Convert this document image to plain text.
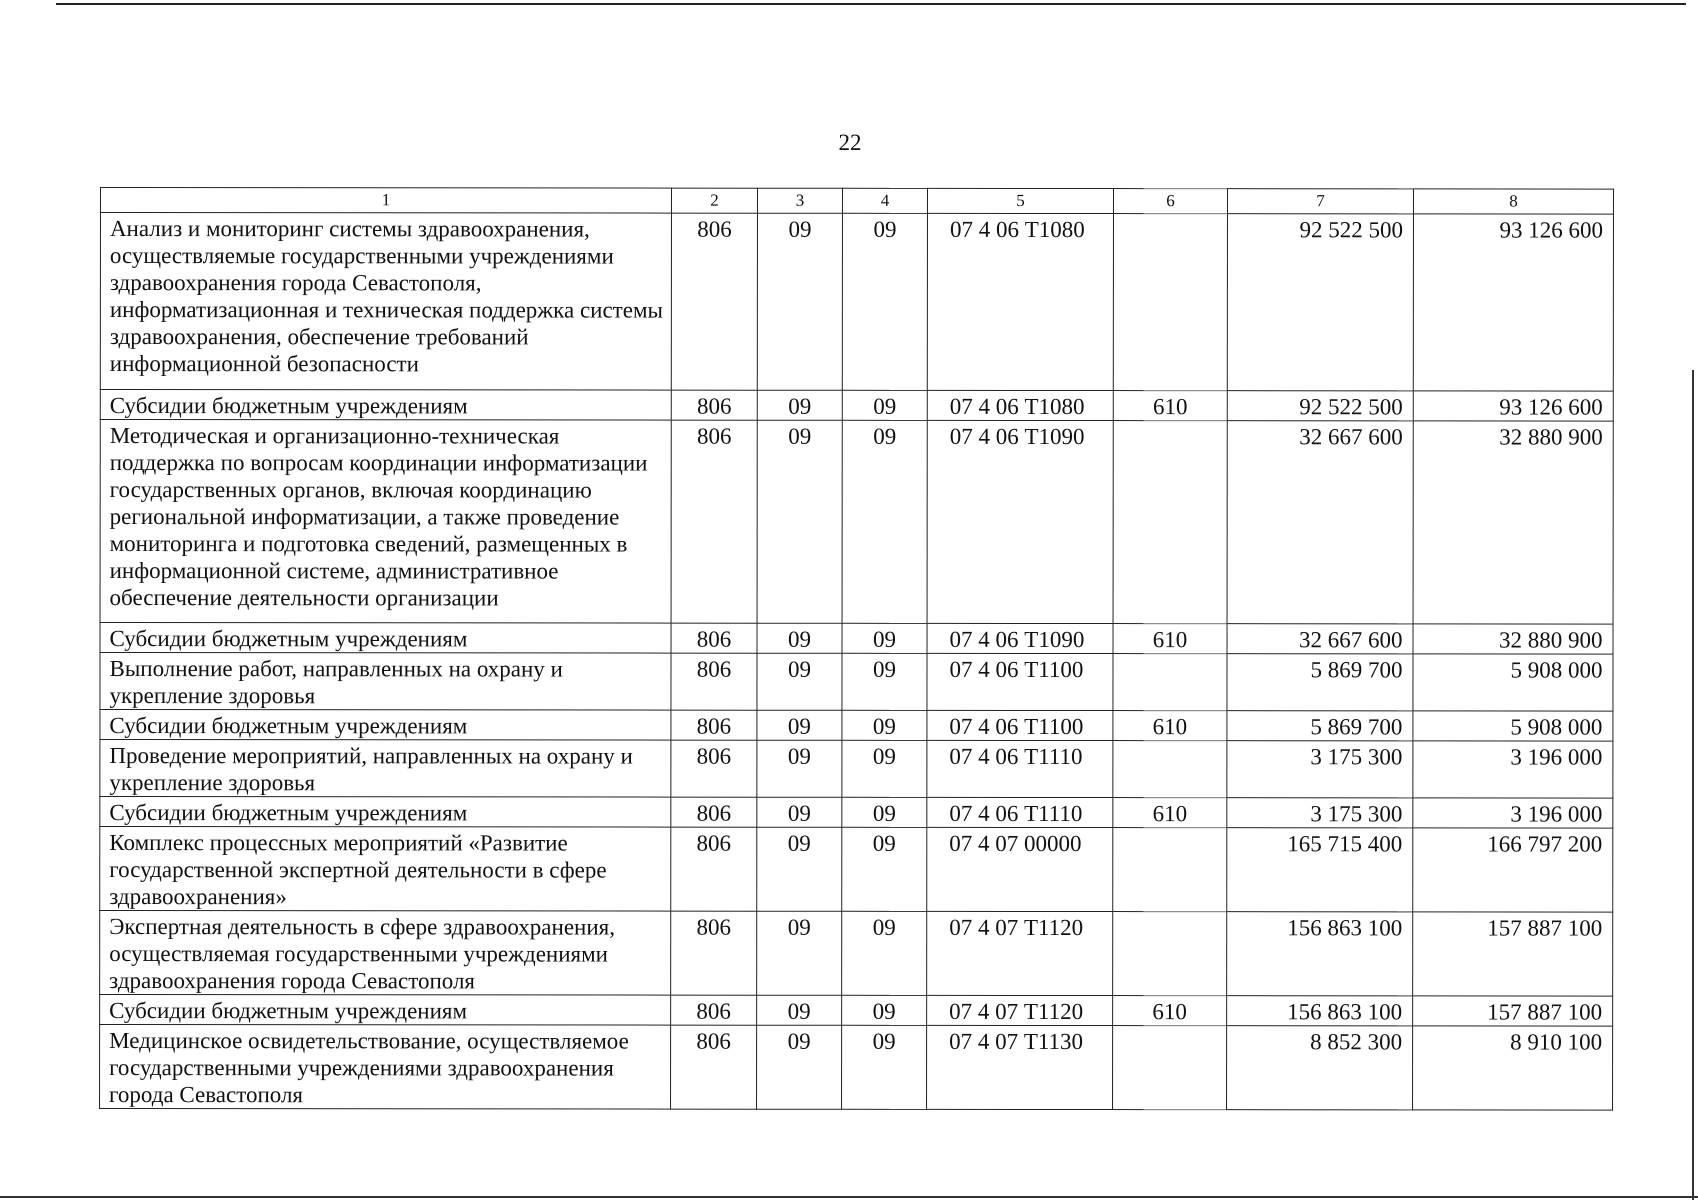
22
1	2	3	4	5	6	7	8
Анализ и мониторинг системы здравоохранения, осуществляемые государственными учреждениями здравоохранения города Севастополя, информатизационная и техническая поддержка системы здравоохранения, обеспечение требований информационной безопасности	806	09	09	07 4 06 Т1080		92 522 500	93 126 600
Субсидии бюджетным учреждениям	806	09	09	07 4 06 Т1080	610	92 522 500	93 126 600
Методическая и организационно-техническая поддержка по вопросам координации информатизации государственных органов, включая координацию региональной информатизации, а также проведение мониторинга и подготовка сведений, размещенных в информационной системе, административное обеспечение деятельности организации	806	09	09	07 4 06 Т1090		32 667 600	32 880 900
Субсидии бюджетным учреждениям	806	09	09	07 4 06 Т1090	610	32 667 600	32 880 900
Выполнение работ, направленных на охрану и укрепление здоровья	806	09	09	07 4 06 Т1100		5 869 700	5 908 000
Субсидии бюджетным учреждениям	806	09	09	07 4 06 Т1100	610	5 869 700	5 908 000
Проведение мероприятий, направленных на охрану и укрепление здоровья	806	09	09	07 4 06 Т1110		3 175 300	3 196 000
Субсидии бюджетным учреждениям	806	09	09	07 4 06 Т1110	610	3 175 300	3 196 000
Комплекс процессных мероприятий «Развитие государственной экспертной деятельности в сфере здравоохранения»	806	09	09	07 4 07 00000		165 715 400	166 797 200
Экспертная деятельность в сфере здравоохранения, осуществляемая государственными учреждениями здравоохранения города Севастополя	806	09	09	07 4 07 Т1120		156 863 100	157 887 100
Субсидии бюджетным учреждениям	806	09	09	07 4 07 Т1120	610	156 863 100	157 887 100
Медицинское освидетельствование, осуществляемое государственными учреждениями здравоохранения города Севастополя	806	09	09	07 4 07 Т1130		8 852 300	8 910 100
